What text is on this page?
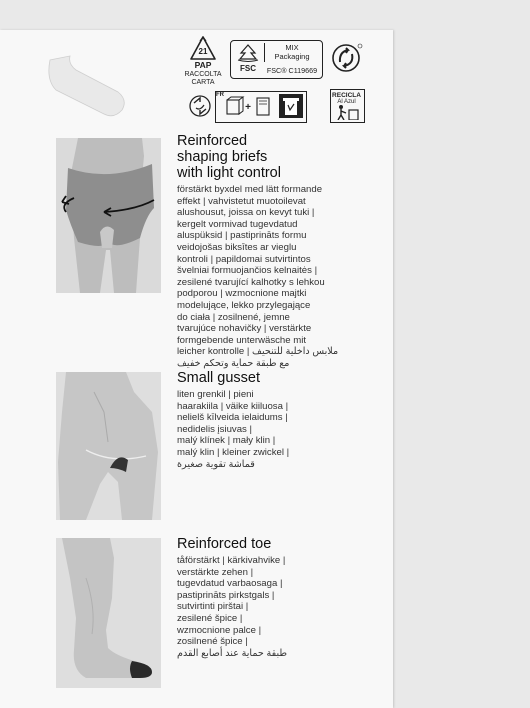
21
PAP
RACCOLTA
CARTA
FSC
MIX
Packaging
FSC® C119669
FR
+
RECICLA
Al Azul
Reinforced
shaping briefs
with light control
förstärkt byxdel med lätt formande
effekt | vahvistetut muotoilevat
alushousut, joissa on kevyt tuki |
kergelt vormivad tugevdatud
aluspüksid | pastiprināts formu
veidojošas biksītes ar vieglu
kontroli | papildomai sutvirtintos
švelniai formuojančios kelnaitės |
zesilené tvarující kalhotky s lehkou
podporou | wzmocnione majtki
modelujące, lekko przylegające
do ciała | zosilnené, jemne
tvarujúce nohavičky | verstärkte
formgebende unterwäsche mit
leicher kontrolle | ملابس داخلية للتنحيف
مع طبقة حماية وتحكم خفيف
Small gusset
liten grenkil | pieni
haarakiila | väike kiiluosa |
nelielš kīlveida ielaidums |
nedidelis įsiuvas |
malý klínek | mały klin |
malý klin | kleiner zwickel |
قماشة تقوية صغيرة
Reinforced toe
tåförstärkt | kärkivahvike |
verstärkte zehen |
tugevdatud varbaosaga |
pastiprināts pirkstgals |
sutvirtinti pirštai |
zesilené špice |
wzmocnione palce |
zosilnené špice |
طبقة حماية عند أصابع القدم
